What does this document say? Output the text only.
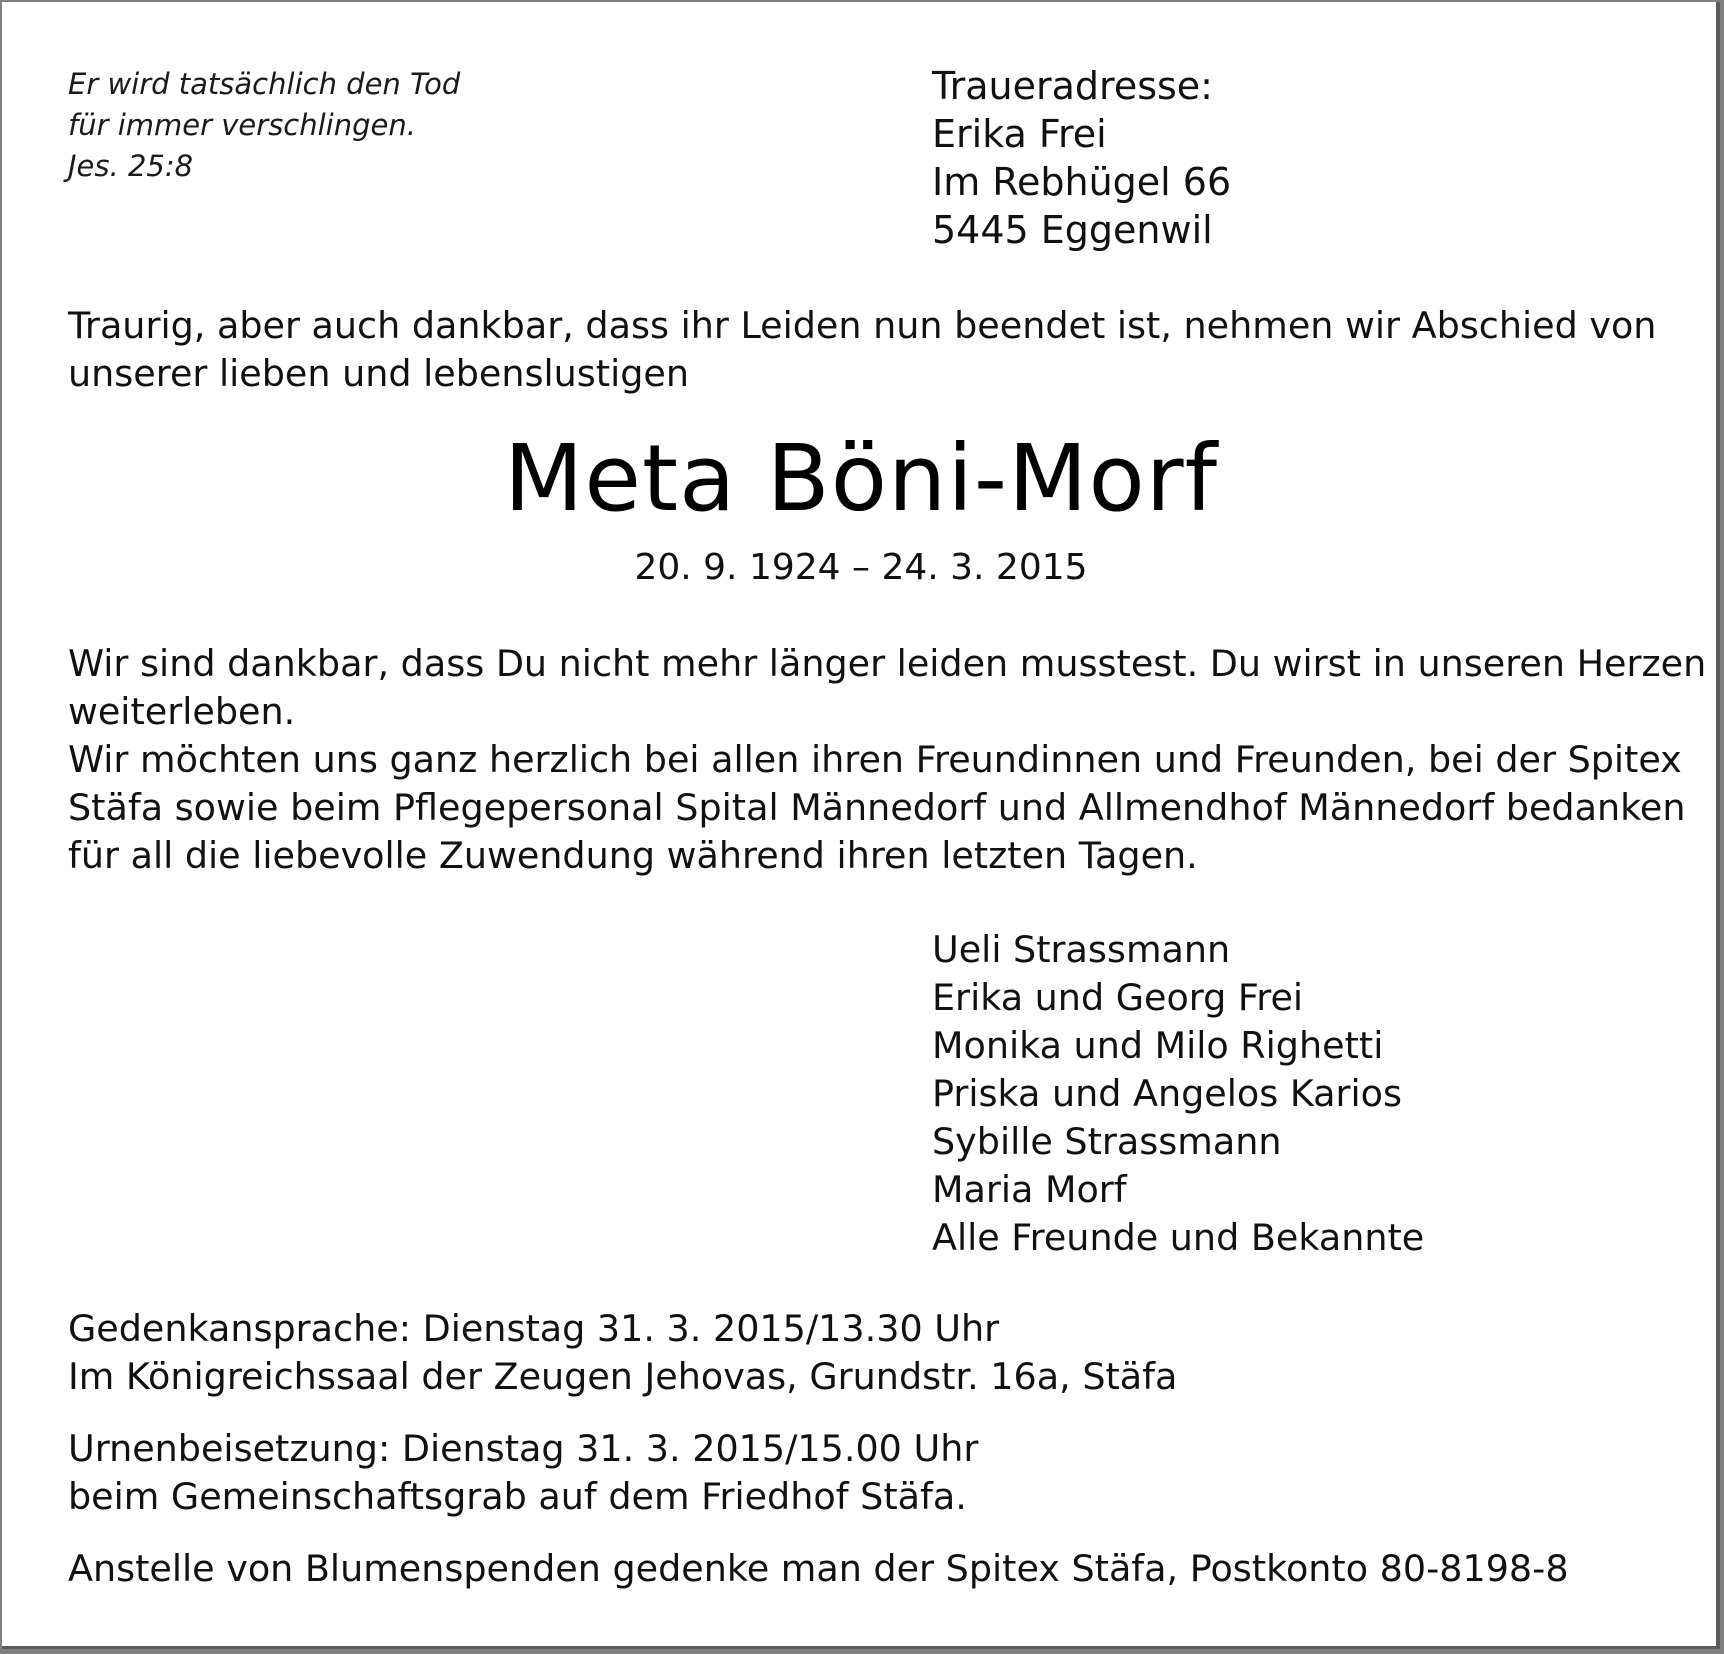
Er wird tatsächlich den Tod
für immer verschlingen.
Jes. 25:8
Traueradresse:
Erika Frei
Im Rebhügel 66
5445 Eggenwil
Traurig, aber auch dankbar, dass ihr Leiden nun beendet ist, nehmen wir Abschied von
unserer lieben und lebenslustigen
Meta Böni-Morf
20. 9. 1924 – 24. 3. 2015
Wir sind dankbar, dass Du nicht mehr länger leiden musstest. Du wirst in unseren Herzen
weiterleben.
Wir möchten uns ganz herzlich bei allen ihren Freundinnen und Freunden, bei der Spitex
Stäfa sowie beim Pflegepersonal Spital Männedorf und Allmendhof Männedorf bedanken
für all die liebevolle Zuwendung während ihren letzten Tagen.
Ueli Strassmann
Erika und Georg Frei
Monika und Milo Righetti
Priska und Angelos Karios
Sybille Strassmann
Maria Morf
Alle Freunde und Bekannte
Gedenkansprache: Dienstag 31. 3. 2015/13.30 Uhr
Im Königreichssaal der Zeugen Jehovas, Grundstr. 16a, Stäfa
Urnenbeisetzung: Dienstag 31. 3. 2015/15.00 Uhr
beim Gemeinschaftsgrab auf dem Friedhof Stäfa.
Anstelle von Blumenspenden gedenke man der Spitex Stäfa, Postkonto 80-8198-8
